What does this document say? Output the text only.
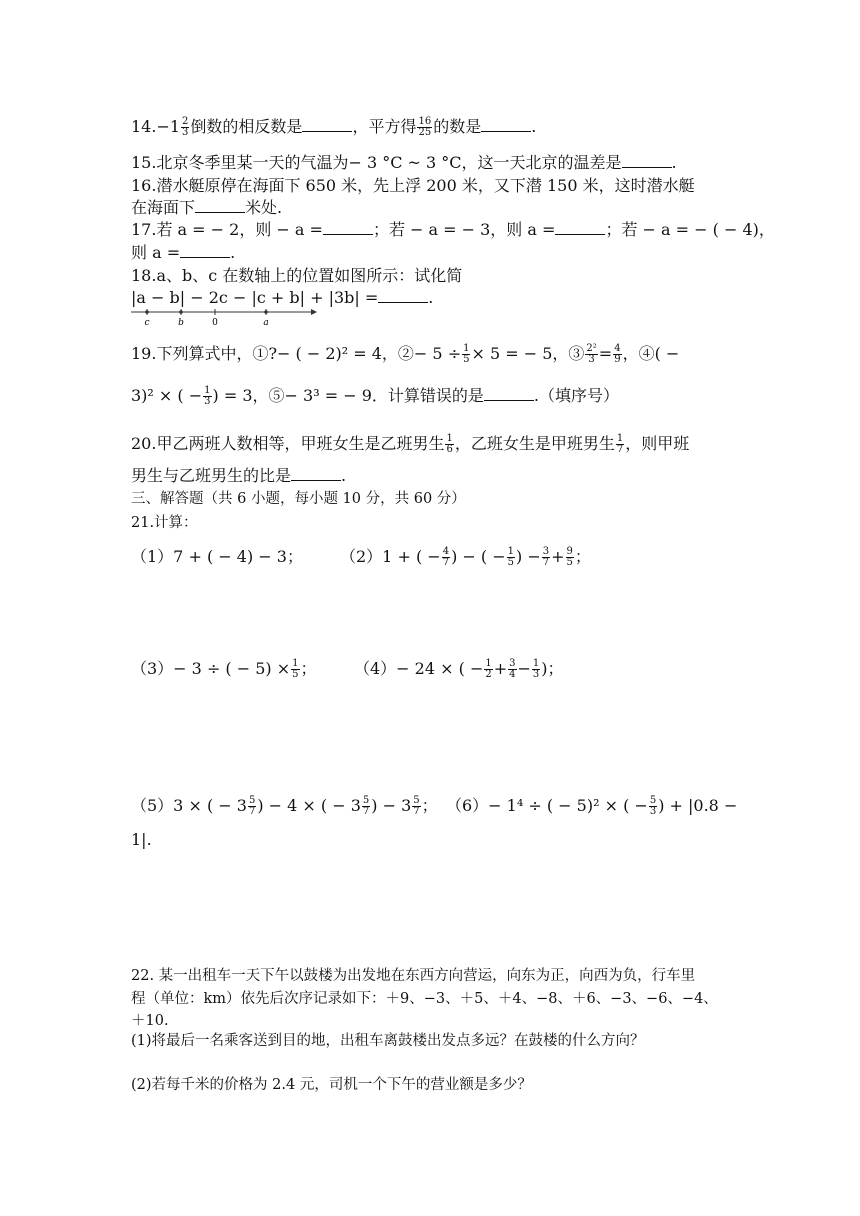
$14.-1 \frac{2}{3}$ 倒数的相反数是	，平方得 $\frac{16}{25}$ 的数是	.
15.北京冬季里某一天的气温为− 3 °C ~ 3 °C，这一天北京的温差是	.
16.潜水艇原停在海面下 650 米，先上浮 200 米，又下潜 150 米，这时潜水艇
在海面下	米处.
17.若 a = − 2，则 − a =	；若 − a = − 3，则 a =	；若 − a = − ( − 4)，
则 a =	.
18.a、b、c 在数轴上的位置如图所示：试化简
|a − b| − 2c − |c + b| + |3b| =	.
c	b	0	a
19.下列算式中，①?− ( − 2)² = 4，②− $5 \div \frac{1}{5} \times 5$ = − 5，③ $\frac{\text{2²}}{3} = \frac{4}{9}$ ，④( −
3)² × ( − $\frac{1}{3}$ ) = 3，⑤− 3³ = − 9．计算错误的是	.（填序号）
20.甲乙两班人数相等，甲班女生是乙班男生 $\frac{1}{6}$ ，乙班女生是甲班男生 $\frac{1}{7}$ ，则甲班
男生与乙班男生的比是	.
三、解答题（共 6 小题，每小题 10 分，共 60 分）
21.计算：
（1）7 + ( − 4) − 3； （2）1 + ( − $\frac{4}{7}$ ) − ( − $\frac{1}{5}$ ) − $\frac{3}{7} + \frac{9}{5}$ ；
（3）− 3 ÷ ( − $5) \times \frac{1}{5}$ ； （4）− 24 × ( − $\frac{1}{2} + \frac{3}{4} - \frac{1}{3}$ )；
（5）3 × ( − $3 \frac{5}{7}$ ) − 4 × ( − $3 \frac{5}{7}$ ) − $3 \frac{5}{7}$ ； （6）− 1⁴ ÷ ( − 5)² × ( − $\frac{5}{3}$ ) + |0.8 −
1|.
22. 某一出租车一天下午以鼓楼为出发地在东西方向营运，向东为正，向西为负，行车里
程（单位：km）依先后次序记录如下：＋9、−3、＋5、＋4、−8、＋6、−3、−6、−4、
＋10.
(1)将最后一名乘客送到目的地，出租车离鼓楼出发点多远？在鼓楼的什么方向？
(2)若每千米的价格为 2.4 元，司机一个下午的营业额是多少？
